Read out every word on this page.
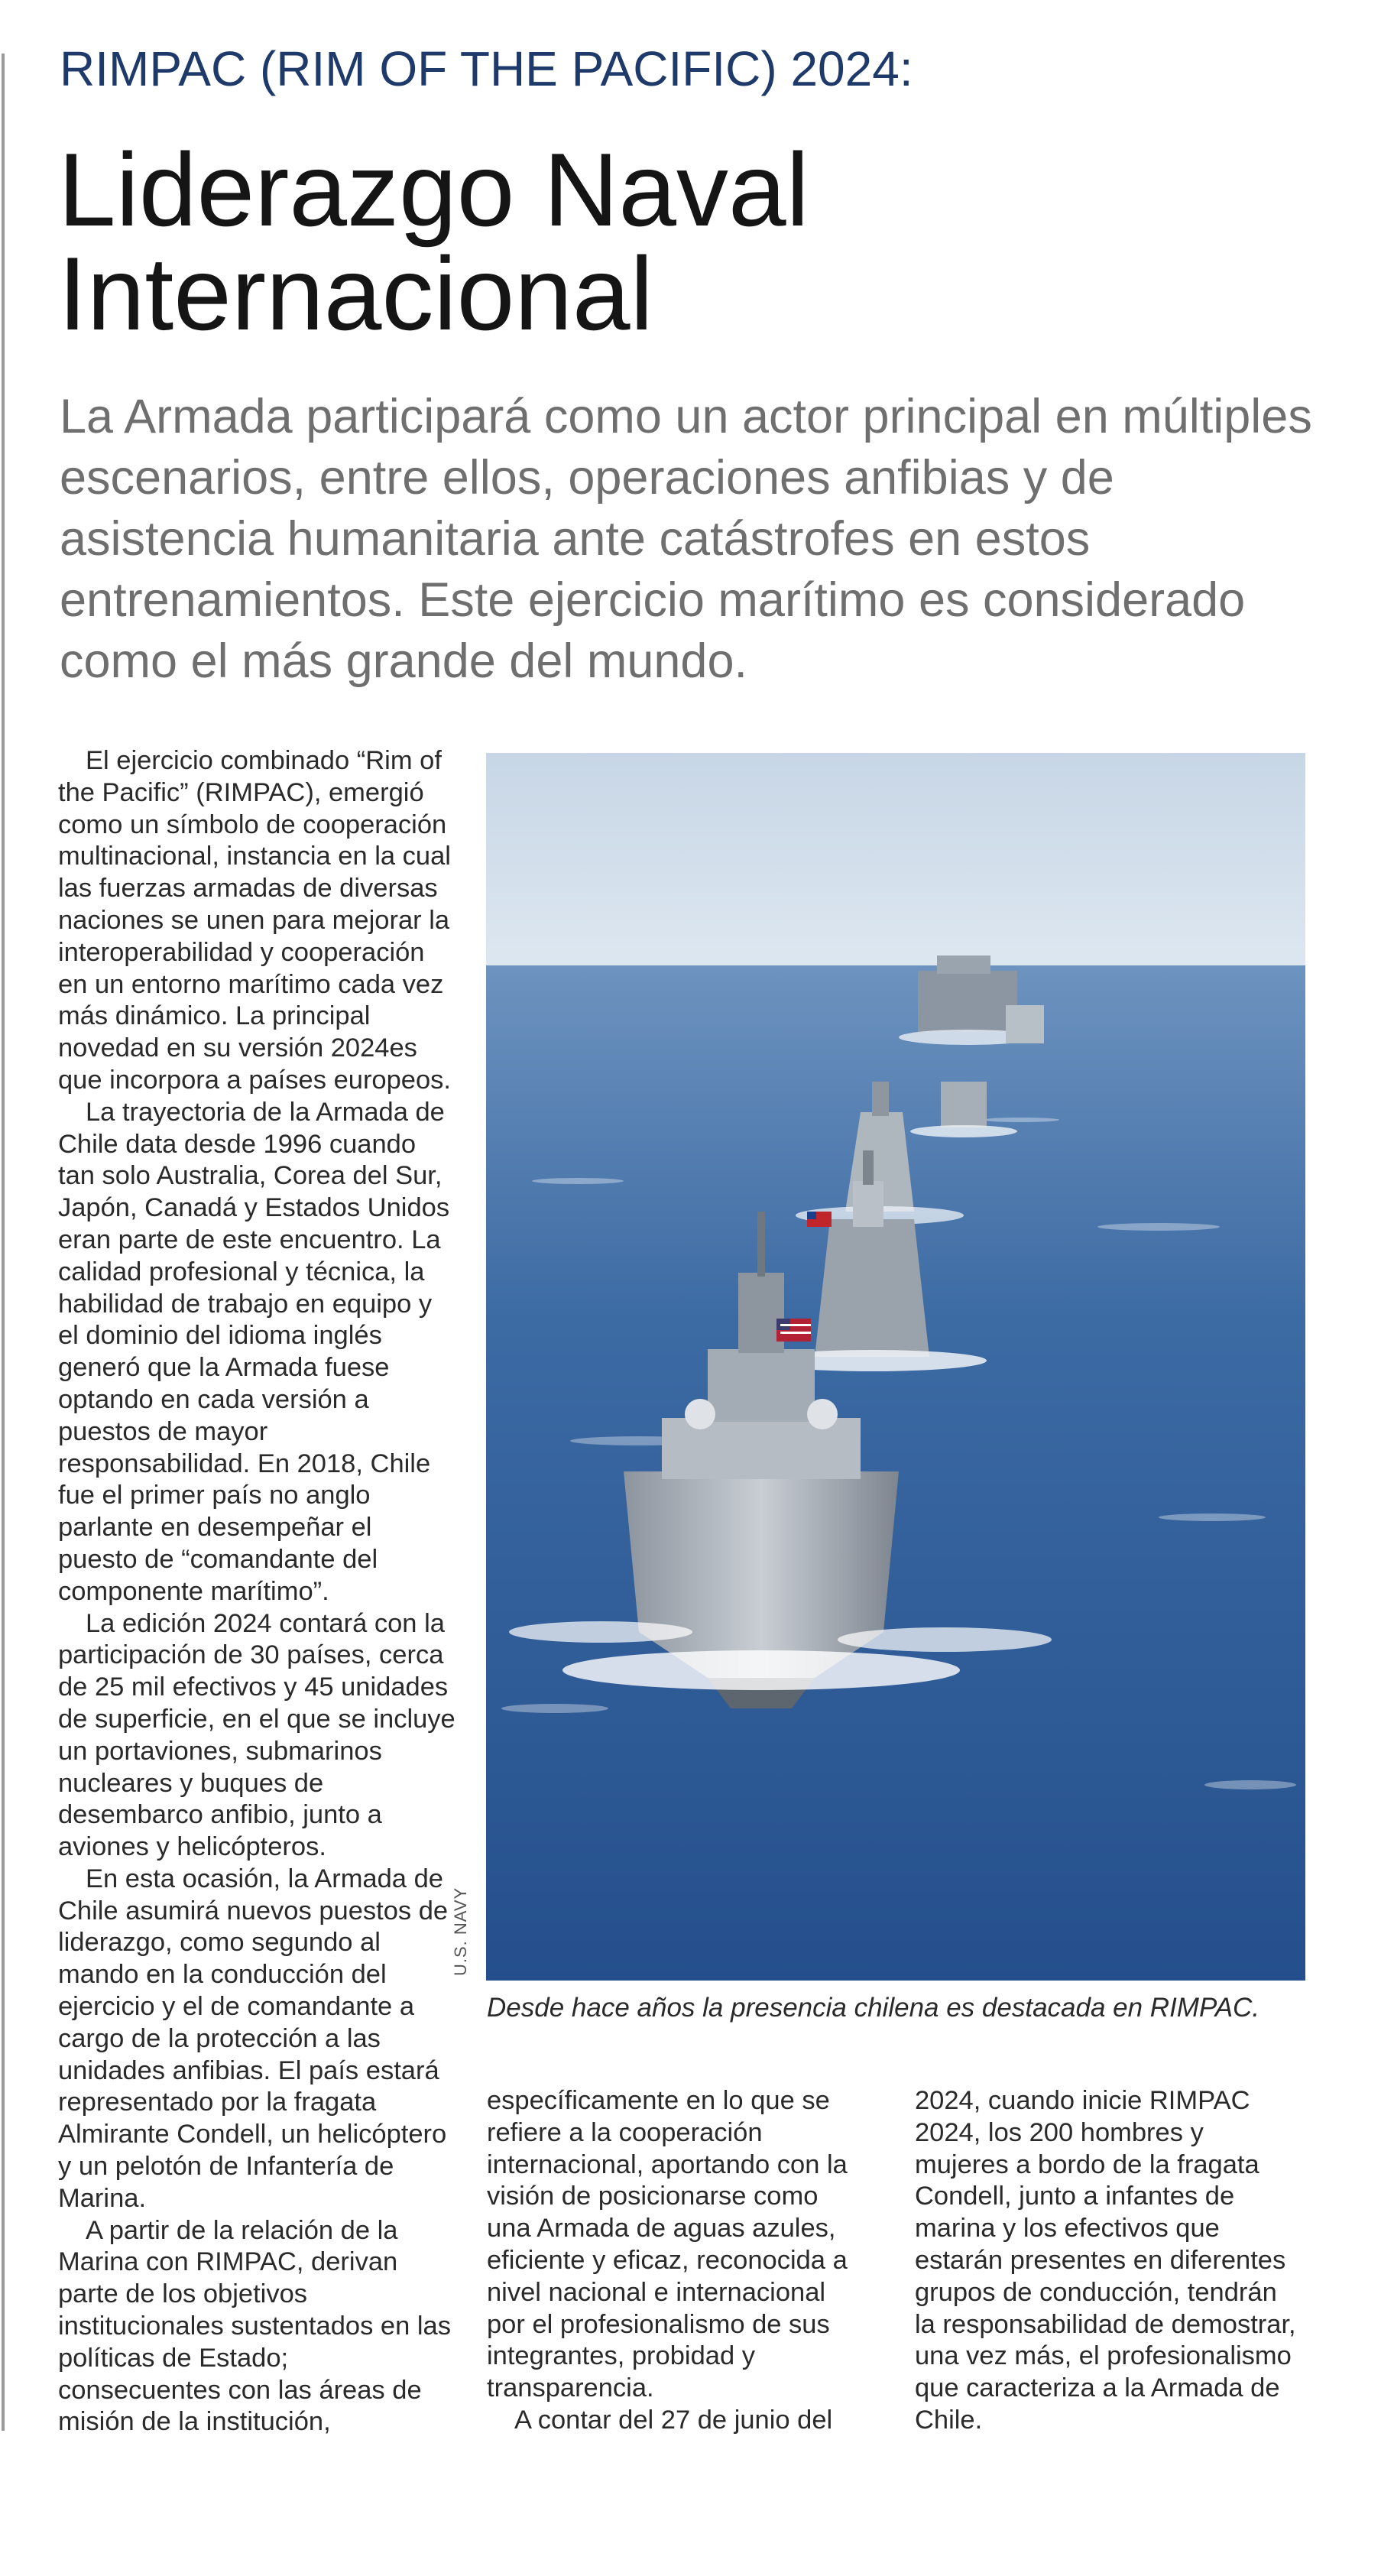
RIMPAC (RIM OF THE PACIFIC) 2024:
Liderazgo Naval Internacional

La Armada participará como un actor principal en múltiples escenarios, entre ellos, operaciones anfibias y de asistencia humanitaria ante catástrofes en estos entrenamientos. Este ejercicio marítimo es considerado como el más grande del mundo.

El ejercicio combinado “Rim of the Pacific” (RIMPAC), emergió como un símbolo de cooperación multinacional, instancia en la cual las fuerzas armadas de diversas naciones se unen para mejorar la interoperabilidad y cooperación en un entorno marítimo cada vez más dinámico. La principal novedad en su versión 2024es que incorpora a países europeos.

La trayectoria de la Armada de Chile data desde 1996 cuando tan solo Australia, Corea del Sur, Japón, Canadá y Estados Unidos eran parte de este encuentro. La calidad profesional y técnica, la habilidad de trabajo en equipo y el dominio del idioma inglés generó que la Armada fuese optando en cada versión a puestos de mayor responsabilidad. En 2018, Chile fue el primer país no anglo parlante en desempeñar el puesto de “comandante del componente marítimo”.

La edición 2024 contará con la participación de 30 países, cerca de 25 mil efectivos y 45 unidades de superficie, en el que se incluye un portaviones, submarinos nucleares y buques de desembarco anfibio, junto a aviones y helicópteros.

En esta ocasión, la Armada de Chile asumirá nuevos puestos de liderazgo, como segundo al mando en la conducción del ejercicio y el de comandante a cargo de la protección a las unidades anfibias. El país estará representado por la fragata Almirante Condell, un helicóptero y un pelotón de Infantería de Marina.

A partir de la relación de la Marina con RIMPAC, derivan parte de los objetivos institucionales sustentados en las políticas de Estado; consecuentes con las áreas de misión de la institución,

U.S. NAVY
Desde hace años la presencia chilena es destacada en RIMPAC.

específicamente en lo que se refiere a la cooperación internacional, aportando con la visión de posicionarse como una Armada de aguas azules, eficiente y eficaz, reconocida a nivel nacional e internacional por el profesionalismo de sus integrantes, probidad y transparencia.

A contar del 27 de junio del

2024, cuando inicie RIMPAC 2024, los 200 hombres y mujeres a bordo de la fragata Condell, junto a infantes de marina y los efectivos que estarán presentes en diferentes grupos de conducción, tendrán la responsabilidad de demostrar, una vez más, el profesionalismo que caracteriza a la Armada de Chile.
